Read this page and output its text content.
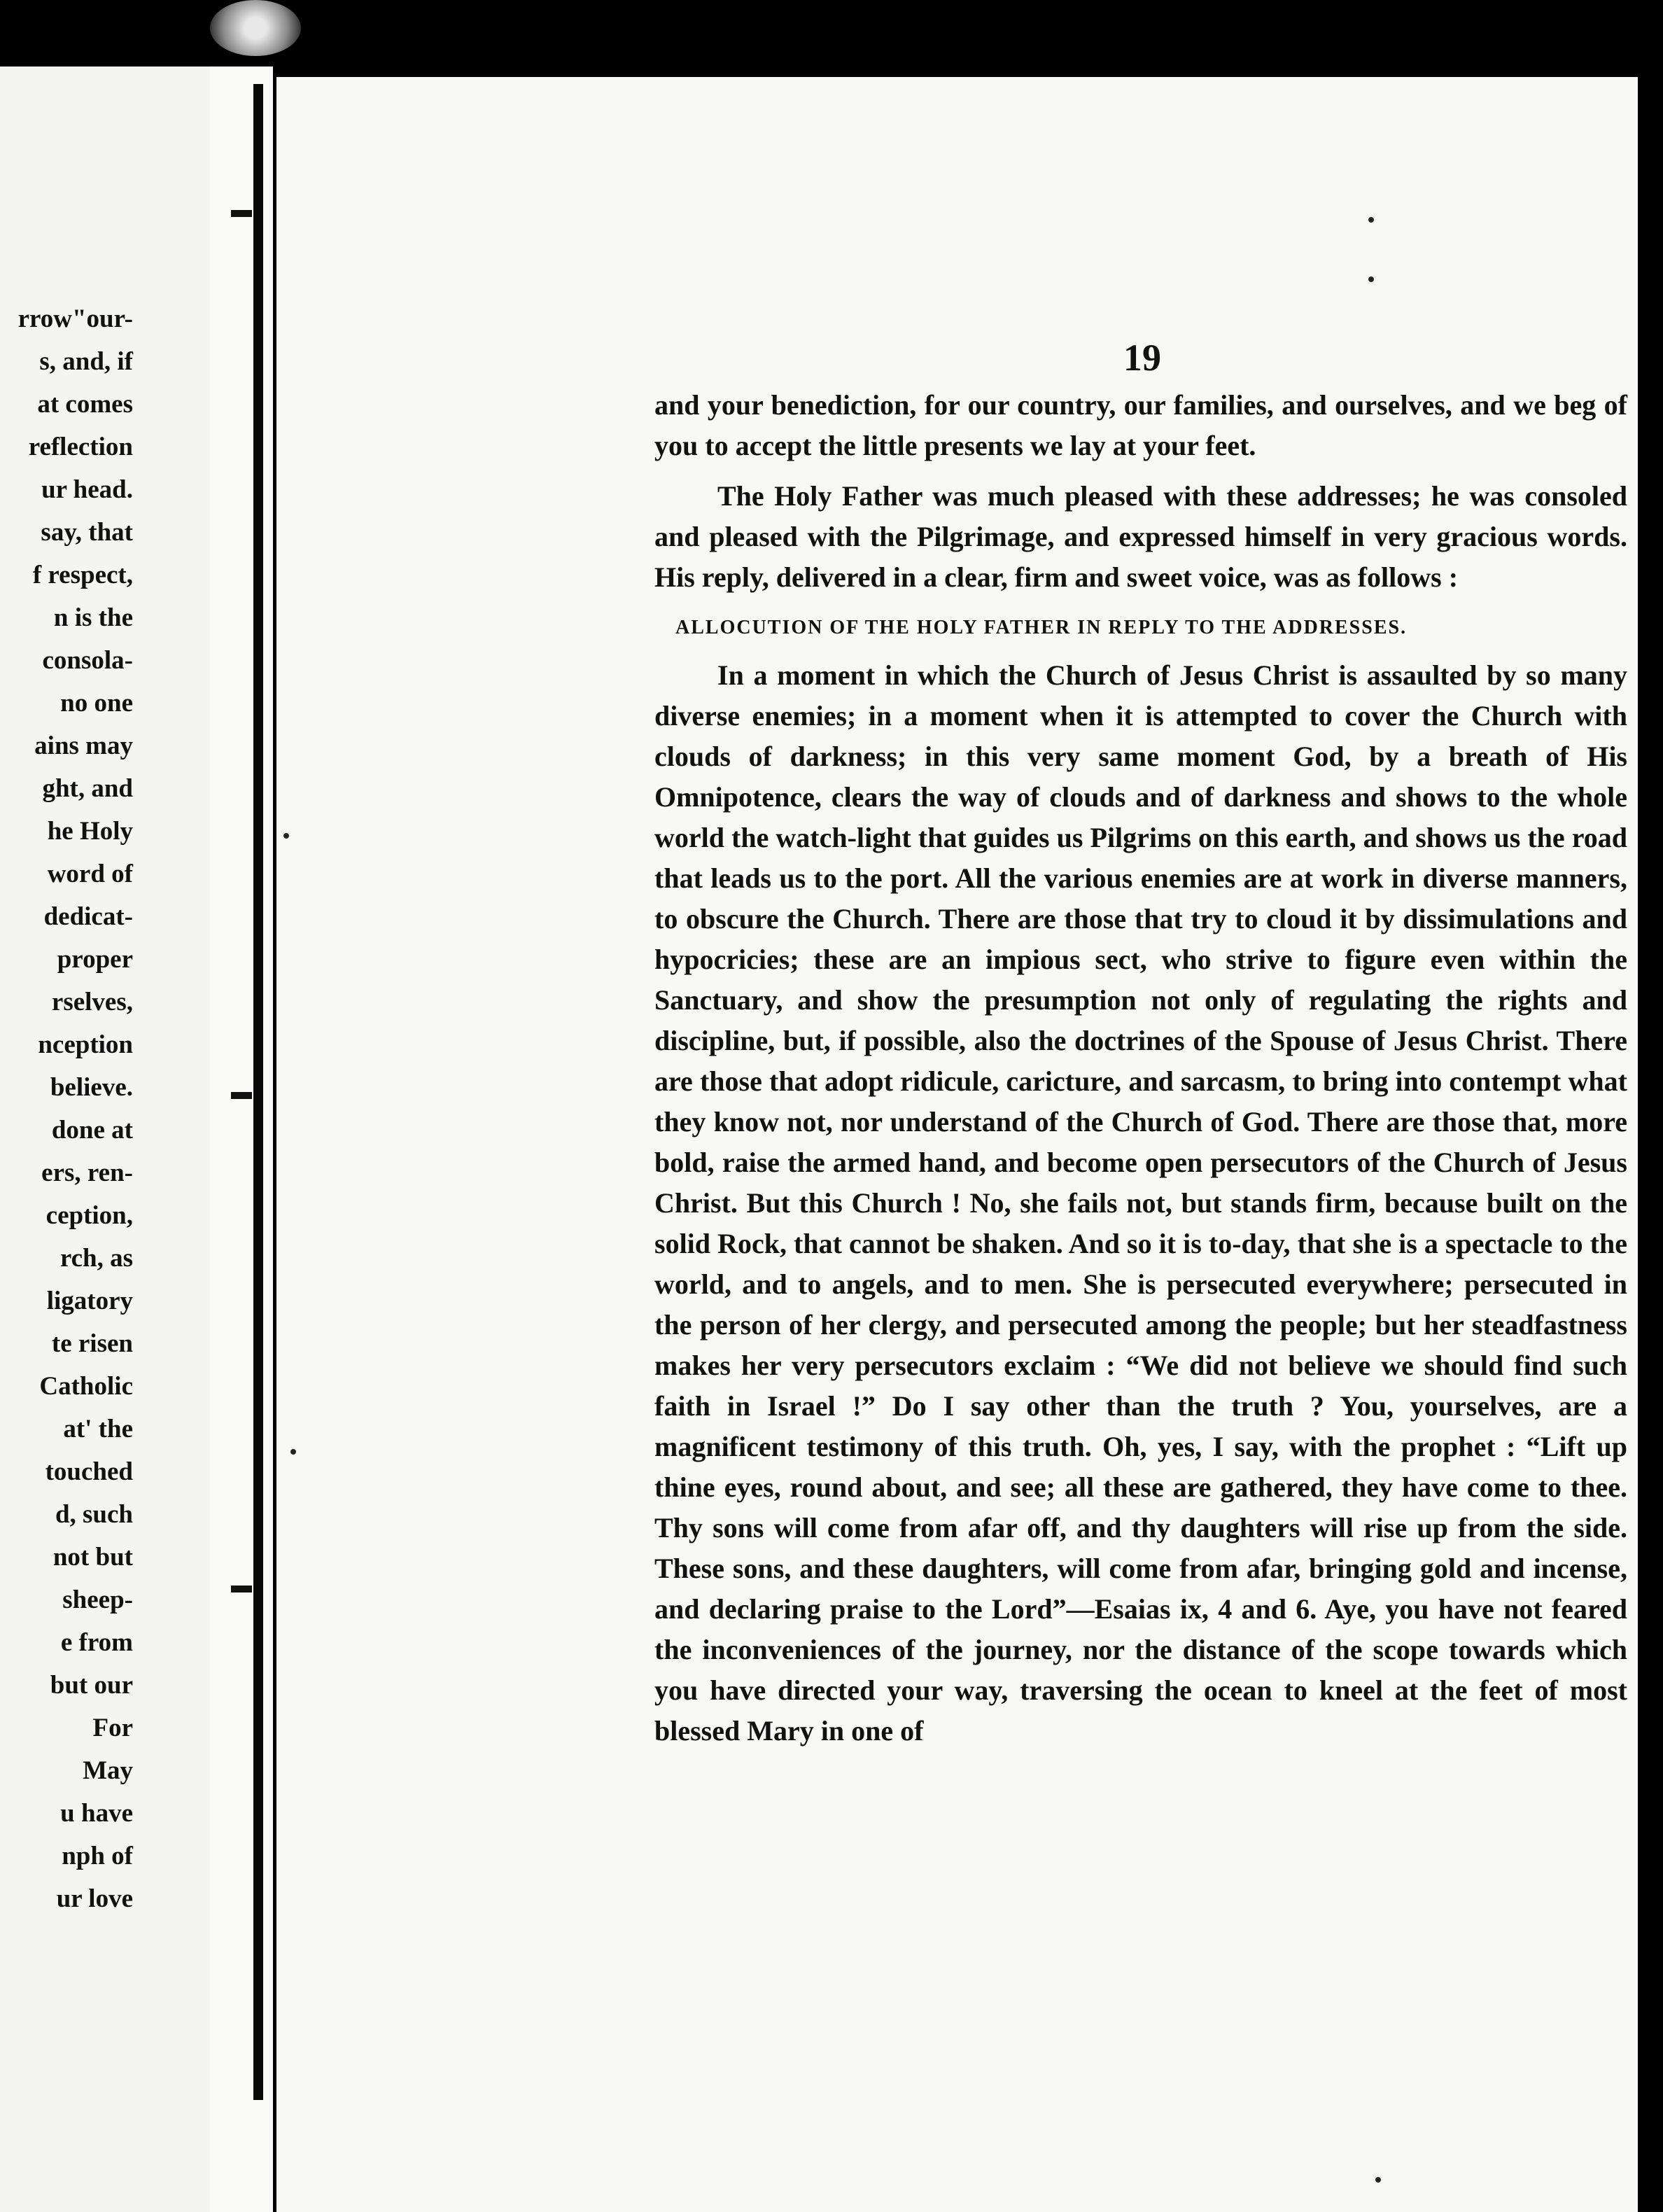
rrow"our-
s, and, if
at comes
reflection
ur head.
say, that
f respect,
n is the
consola-
no one
ains may
ght, and
he Holy
word of
dedicat-
proper
rselves,
nception
believe.
done at
ers, ren-
ception,
rch, as
ligatory
te risen
Catholic
at' the
touched
d, such
not but
sheep-
e from
but our
For
May
u have
nph of
ur love
19

and your benediction, for our country, our families, and ourselves, and we beg of you to accept the little presents we lay at your feet.

The Holy Father was much pleased with these addresses; he was consoled and pleased with the Pilgrimage, and expressed himself in very gracious words. His reply, delivered in a clear, firm and sweet voice, was as follows :

ALLOCUTION OF THE HOLY FATHER IN REPLY TO THE ADDRESSES.

In a moment in which the Church of Jesus Christ is assaulted by so many diverse enemies; in a moment when it is attempted to cover the Church with clouds of darkness; in this very same moment God, by a breath of His Omnipotence, clears the way of clouds and of darkness and shows to the whole world the watch-light that guides us Pilgrims on this earth, and shows us the road that leads us to the port. All the various enemies are at work in diverse manners, to obscure the Church. There are those that try to cloud it by dissimulations and hypocricies; these are an impious sect, who strive to figure even within the Sanctuary, and show the presumption not only of regulating the rights and discipline, but, if possible, also the doctrines of the Spouse of Jesus Christ. There are those that adopt ridicule, caricture, and sarcasm, to bring into contempt what they know not, nor understand of the Church of God. There are those that, more bold, raise the armed hand, and become open persecutors of the Church of Jesus Christ. But this Church ! No, she fails not, but stands firm, because built on the solid Rock, that cannot be shaken. And so it is to-day, that she is a spectacle to the world, and to angels, and to men. She is persecuted everywhere; persecuted in the person of her clergy, and persecuted among the people; but her steadfastness makes her very persecutors exclaim : “We did not believe we should find such faith in Israel !” Do I say other than the truth ? You, yourselves, are a magnificent testimony of this truth. Oh, yes, I say, with the prophet : “Lift up thine eyes, round about, and see; all these are gathered, they have come to thee. Thy sons will come from afar off, and thy daughters will rise up from the side. These sons, and these daughters, will come from afar, bringing gold and incense, and declaring praise to the Lord”—Esaias ix, 4 and 6. Aye, you have not feared the inconveniences of the journey, nor the distance of the scope towards which you have directed your way, traversing the ocean to kneel at the feet of most blessed Mary in one of
